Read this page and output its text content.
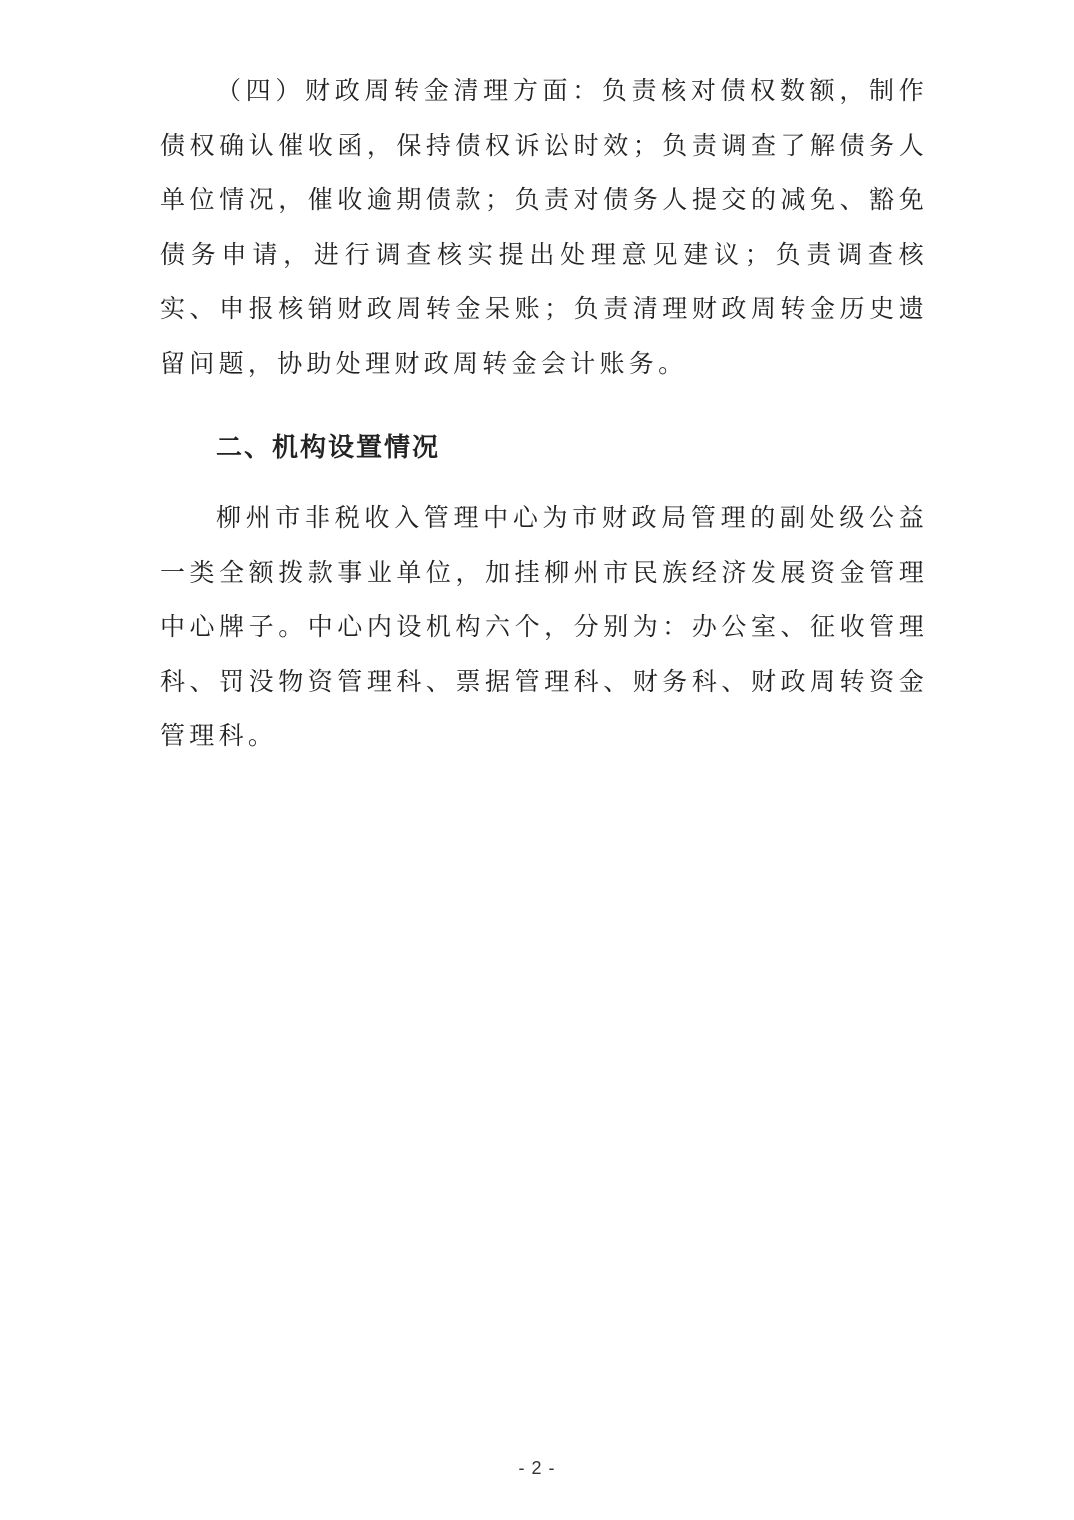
（四）财政周转金清理方面：负责核对债权数额，制作债权确认催收函，保持债权诉讼时效；负责调查了解债务人单位情况，催收逾期债款；负责对债务人提交的减免、豁免债务申请，进行调查核实提出处理意见建议；负责调查核实、申报核销财政周转金呆账；负责清理财政周转金历史遗留问题，协助处理财政周转金会计账务。

二、机构设置情况

柳州市非税收入管理中心为市财政局管理的副处级公益一类全额拨款事业单位，加挂柳州市民族经济发展资金管理中心牌子。中心内设机构六个，分别为：办公室、征收管理科、罚没物资管理科、票据管理科、财务科、财政周转资金管理科。

- 2 -
